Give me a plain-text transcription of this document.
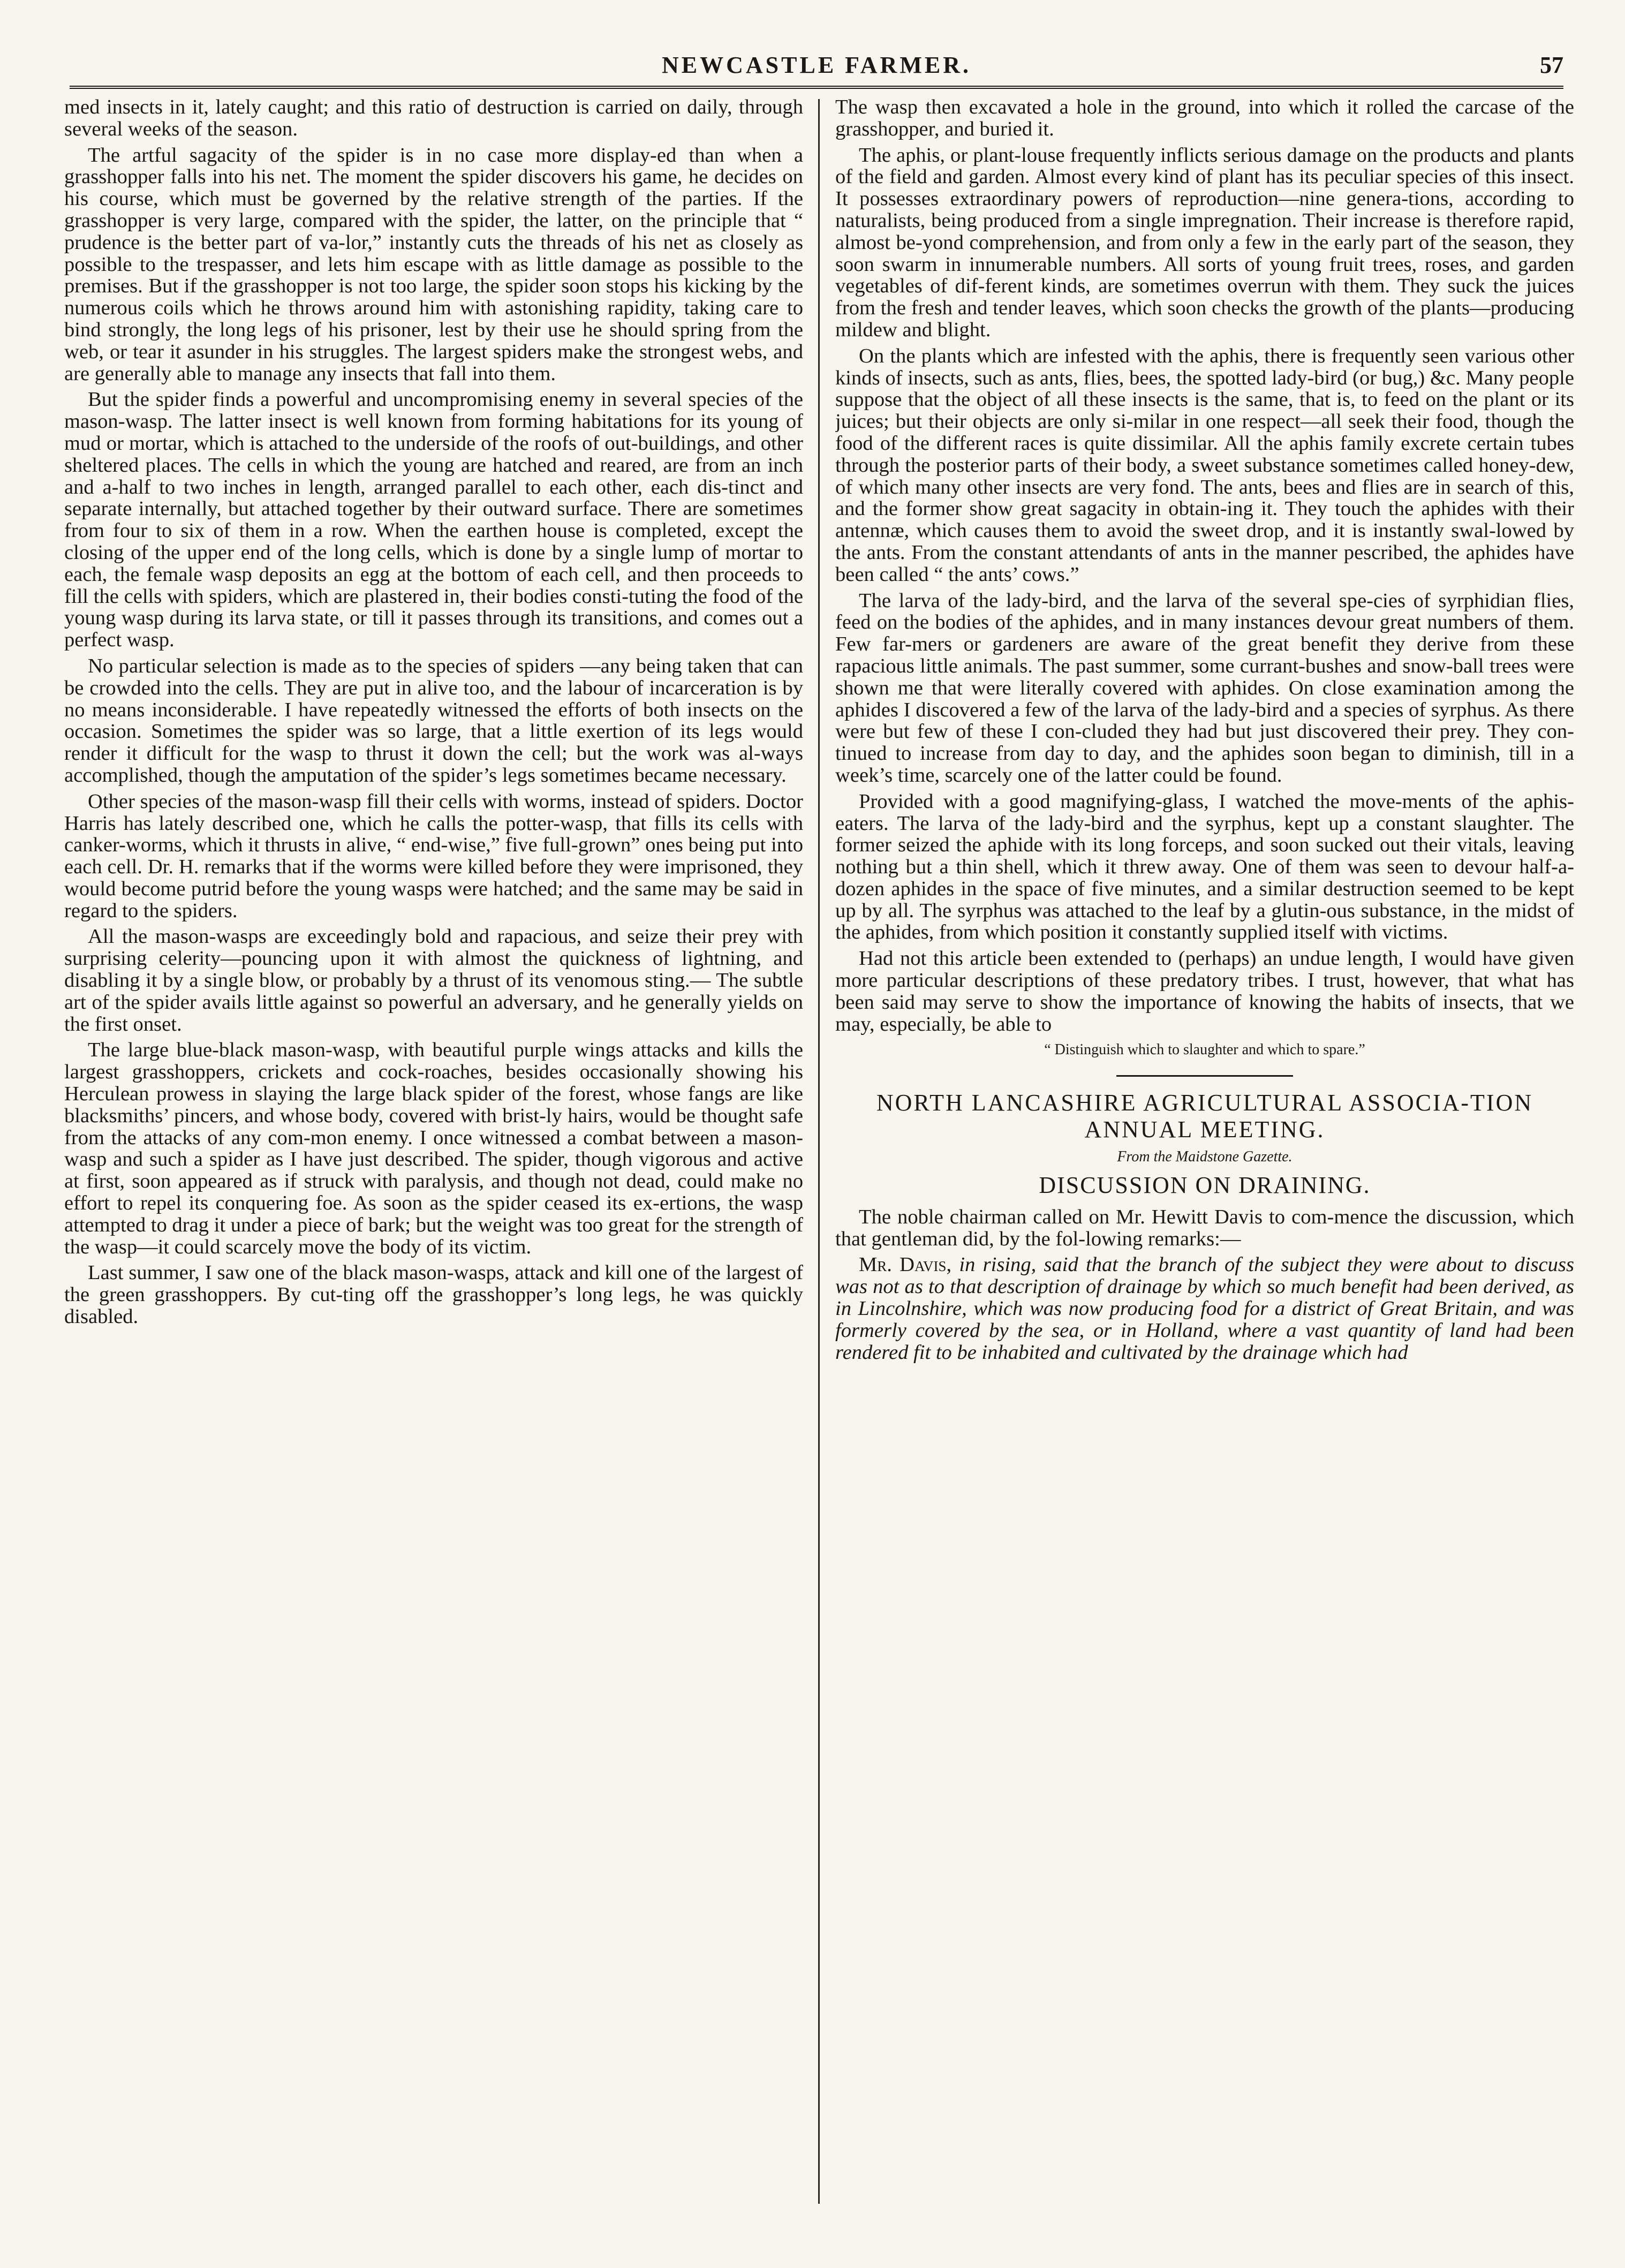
NEWCASTLE FARMER.	57

med insects in it, lately caught; and this ratio of destruction is carried on daily, through several weeks of the season.

The artful sagacity of the spider is in no case more display-ed than when a grasshopper falls into his net. The moment the spider discovers his game, he decides on his course, which must be governed by the relative strength of the parties. If the grasshopper is very large, compared with the spider, the latter, on the principle that “ prudence is the better part of va-lor,” instantly cuts the threads of his net as closely as possible to the trespasser, and lets him escape with as little damage as possible to the premises. But if the grasshopper is not too large, the spider soon stops his kicking by the numerous coils which he throws around him with astonishing rapidity, taking care to bind strongly, the long legs of his prisoner, lest by their use he should spring from the web, or tear it asunder in his struggles. The largest spiders make the strongest webs, and are generally able to manage any insects that fall into them.

But the spider finds a powerful and uncompromising enemy in several species of the mason-wasp. The latter insect is well known from forming habitations for its young of mud or mortar, which is attached to the underside of the roofs of out-buildings, and other sheltered places. The cells in which the young are hatched and reared, are from an inch and a-half to two inches in length, arranged parallel to each other, each dis-tinct and separate internally, but attached together by their outward surface. There are sometimes from four to six of them in a row. When the earthen house is completed, except the closing of the upper end of the long cells, which is done by a single lump of mortar to each, the female wasp deposits an egg at the bottom of each cell, and then proceeds to fill the cells with spiders, which are plastered in, their bodies consti-tuting the food of the young wasp during its larva state, or till it passes through its transitions, and comes out a perfect wasp.

No particular selection is made as to the species of spiders —any being taken that can be crowded into the cells. They are put in alive too, and the labour of incarceration is by no means inconsiderable. I have repeatedly witnessed the efforts of both insects on the occasion. Sometimes the spider was so large, that a little exertion of its legs would render it difficult for the wasp to thrust it down the cell; but the work was al-ways accomplished, though the amputation of the spider’s legs sometimes became necessary.

Other species of the mason-wasp fill their cells with worms, instead of spiders. Doctor Harris has lately described one, which he calls the potter-wasp, that fills its cells with canker-worms, which it thrusts in alive, “ end-wise,” five full-grown” ones being put into each cell. Dr. H. remarks that if the worms were killed before they were imprisoned, they would become putrid before the young wasps were hatched; and the same may be said in regard to the spiders.

All the mason-wasps are exceedingly bold and rapacious, and seize their prey with surprising celerity—pouncing upon it with almost the quickness of lightning, and disabling it by a single blow, or probably by a thrust of its venomous sting.— The subtle art of the spider avails little against so powerful an adversary, and he generally yields on the first onset.

The large blue-black mason-wasp, with beautiful purple wings attacks and kills the largest grasshoppers, crickets and cock-roaches, besides occasionally showing his Herculean prowess in slaying the large black spider of the forest, whose fangs are like blacksmiths’ pincers, and whose body, covered with brist-ly hairs, would be thought safe from the attacks of any com-mon enemy. I once witnessed a combat between a mason-wasp and such a spider as I have just described. The spider, though vigorous and active at first, soon appeared as if struck with paralysis, and though not dead, could make no effort to repel its conquering foe. As soon as the spider ceased its ex-ertions, the wasp attempted to drag it under a piece of bark; but the weight was too great for the strength of the wasp—it could scarcely move the body of its victim.

Last summer, I saw one of the black mason-wasps, attack and kill one of the largest of the green grasshoppers. By cut-ting off the grasshopper’s long legs, he was quickly disabled.

The wasp then excavated a hole in the ground, into which it rolled the carcase of the grasshopper, and buried it.

The aphis, or plant-louse frequently inflicts serious damage on the products and plants of the field and garden. Almost every kind of plant has its peculiar species of this insect. It possesses extraordinary powers of reproduction—nine genera-tions, according to naturalists, being produced from a single impregnation. Their increase is therefore rapid, almost be-yond comprehension, and from only a few in the early part of the season, they soon swarm in innumerable numbers. All sorts of young fruit trees, roses, and garden vegetables of dif-ferent kinds, are sometimes overrun with them. They suck the juices from the fresh and tender leaves, which soon checks the growth of the plants—producing mildew and blight.

On the plants which are infested with the aphis, there is frequently seen various other kinds of insects, such as ants, flies, bees, the spotted lady-bird (or bug,) &c. Many people suppose that the object of all these insects is the same, that is, to feed on the plant or its juices; but their objects are only si-milar in one respect—all seek their food, though the food of the different races is quite dissimilar. All the aphis family excrete certain tubes through the posterior parts of their body, a sweet substance sometimes called honey-dew, of which many other insects are very fond. The ants, bees and flies are in search of this, and the former show great sagacity in obtain-ing it. They touch the aphides with their antennæ, which causes them to avoid the sweet drop, and it is instantly swal-lowed by the ants. From the constant attendants of ants in the manner pescribed, the aphides have been called “ the ants’ cows.”

The larva of the lady-bird, and the larva of the several spe-cies of syrphidian flies, feed on the bodies of the aphides, and in many instances devour great numbers of them. Few far-mers or gardeners are aware of the great benefit they derive from these rapacious little animals. The past summer, some currant-bushes and snow-ball trees were shown me that were literally covered with aphides. On close examination among the aphides I discovered a few of the larva of the lady-bird and a species of syrphus. As there were but few of these I con-cluded they had but just discovered their prey. They con-tinued to increase from day to day, and the aphides soon began to diminish, till in a week’s time, scarcely one of the latter could be found.

Provided with a good magnifying-glass, I watched the move-ments of the aphis-eaters. The larva of the lady-bird and the syrphus, kept up a constant slaughter. The former seized the aphide with its long forceps, and soon sucked out their vitals, leaving nothing but a thin shell, which it threw away. One of them was seen to devour half-a-dozen aphides in the space of five minutes, and a similar destruction seemed to be kept up by all. The syrphus was attached to the leaf by a glutin-ous substance, in the midst of the aphides, from which position it constantly supplied itself with victims.

Had not this article been extended to (perhaps) an undue length, I would have given more particular descriptions of these predatory tribes. I trust, however, that what has been said may serve to show the importance of knowing the habits of insects, that we may, especially, be able to

“ Distinguish which to slaughter and which to spare.”
NORTH LANCASHIRE AGRICULTURAL ASSOCIA-TION ANNUAL MEETING.
From the Maidstone Gazette.
DISCUSSION ON DRAINING.

The noble chairman called on Mr. Hewitt Davis to com-mence the discussion, which that gentleman did, by the fol-lowing remarks:—

Mr. Davis, in rising, said that the branch of the subject they were about to discuss was not as to that description of drainage by which so much benefit had been derived, as in Lincolnshire, which was now producing food for a district of Great Britain, and was formerly covered by the sea, or in Holland, where a vast quantity of land had been rendered fit to be inhabited and cultivated by the drainage which had
